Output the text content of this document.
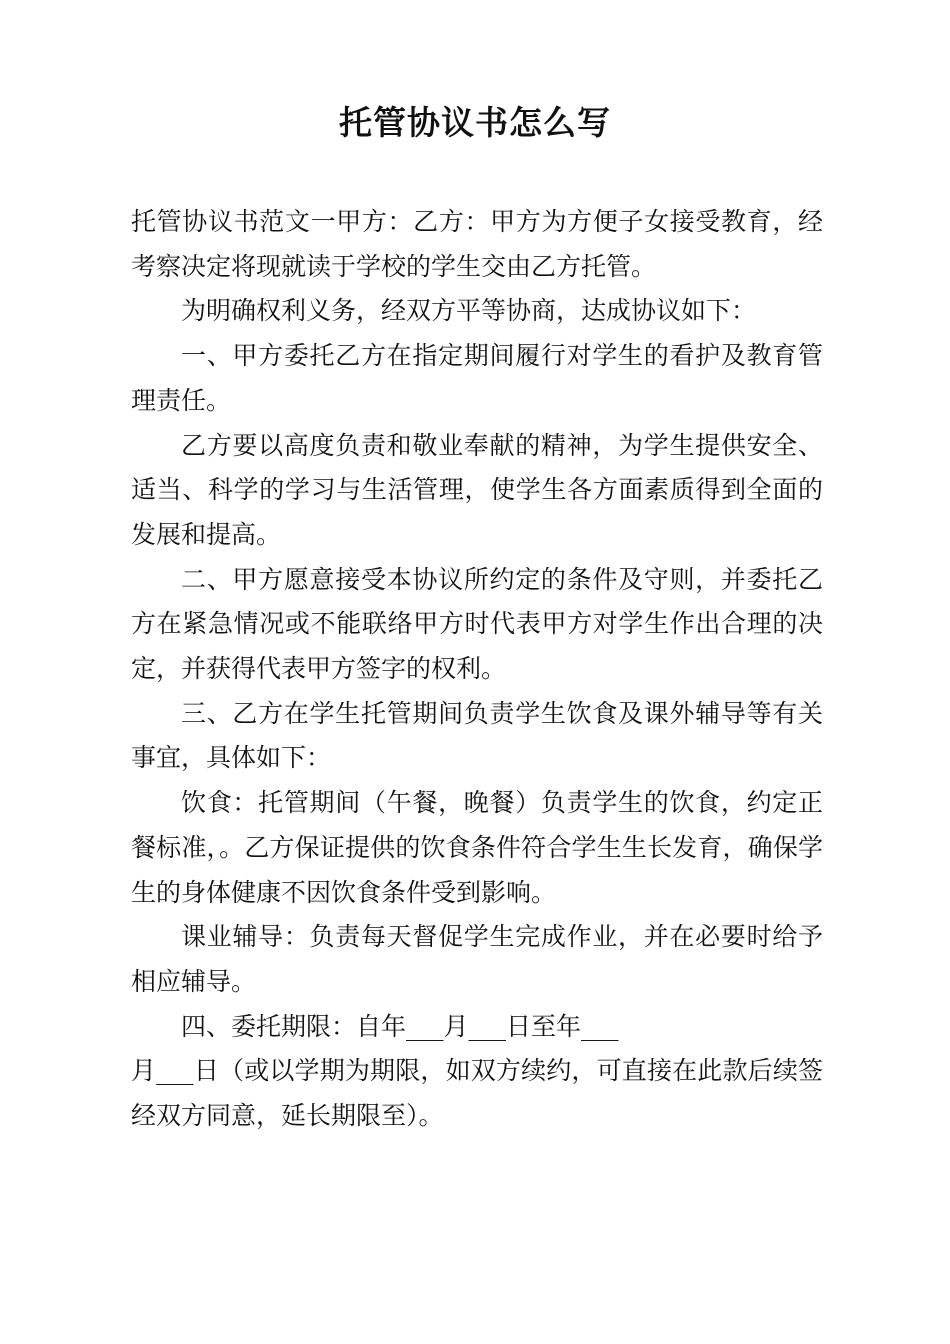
托管协议书怎么写

托管协议书范文一甲方：乙方：甲方为方便子女接受教育，经考察决定将现就读于学校的学生交由乙方托管。

为明确权利义务，经双方平等协商，达成协议如下：

一、甲方委托乙方在指定期间履行对学生的看护及教育管理责任。

乙方要以高度负责和敬业奉献的精神，为学生提供安全、适当、科学的学习与生活管理，使学生各方面素质得到全面的发展和提高。

二、甲方愿意接受本协议所约定的条件及守则，并委托乙方在紧急情况或不能联络甲方时代表甲方对学生作出合理的决定，并获得代表甲方签字的权利。

三、乙方在学生托管期间负责学生饮食及课外辅导等有关事宜，具体如下：

饮食：托管期间（午餐，晚餐）负责学生的饮食，约定正餐标准，。乙方保证提供的饮食条件符合学生生长发育，确保学生的身体健康不因饮食条件受到影响。

课业辅导：负责每天督促学生完成作业，并在必要时给予相应辅导。

四、委托期限：自年___月___日至年___

月___日（或以学期为期限，如双方续约，可直接在此款后续签经双方同意，延长期限至）。
